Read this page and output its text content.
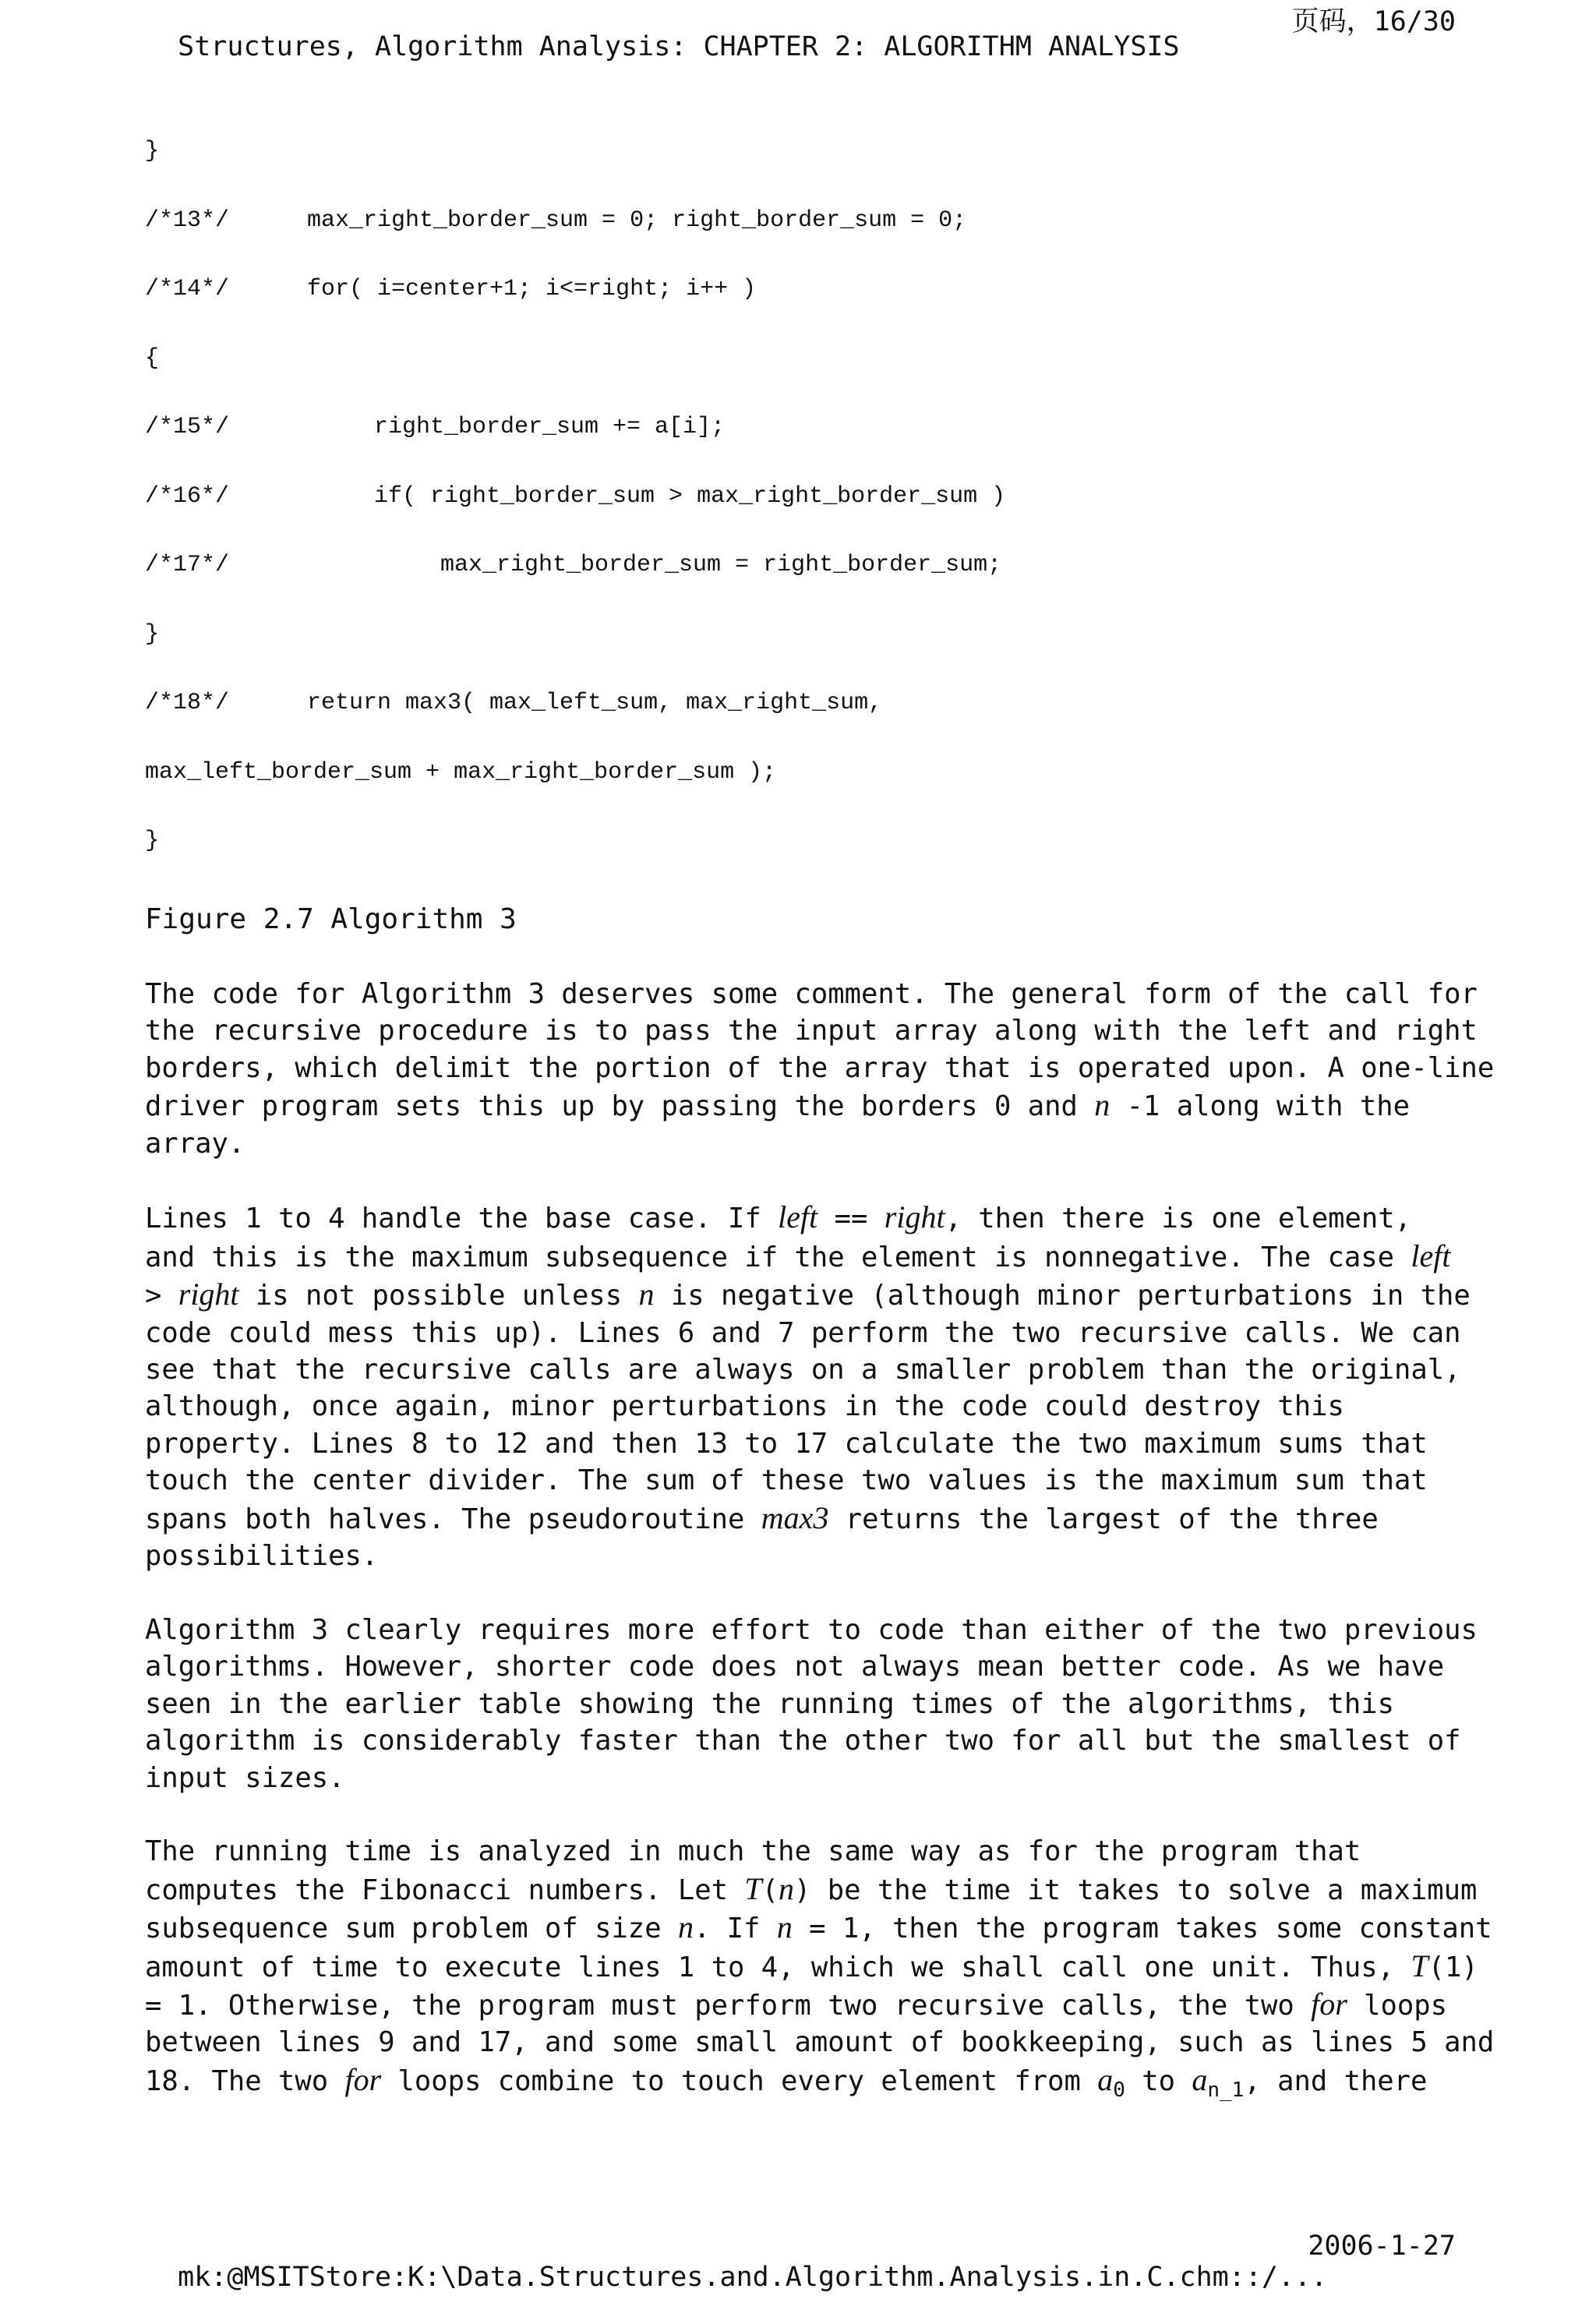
Structures, Algorithm Analysis: CHAPTER 2: ALGORITHM ANALYSIS

页码，16/30

}
/*13*/	max_right_border_sum = 0; right_border_sum = 0;
/*14*/	for( i=center+1; i<=right; i++ )
{
/*15*/	right_border_sum += a[i];
/*16*/	if( right_border_sum > max_right_border_sum )
/*17*/	max_right_border_sum = right_border_sum;
}
/*18*/	return max3( max_left_sum, max_right_sum,
max_left_border_sum + max_right_border_sum );
}
Figure 2.7 Algorithm 3
The code for Algorithm 3 deserves some comment. The general form of the call for
the recursive procedure is to pass the input array along with the left and right
borders, which delimit the portion of the array that is operated upon. A one-line
driver program sets this up by passing the borders 0 and n -1 along with the
array.
Lines 1 to 4 handle the base case. If left == right, then there is one element,
and this is the maximum subsequence if the element is nonnegative. The case left
> right is not possible unless n is negative (although minor perturbations in the
code could mess this up). Lines 6 and 7 perform the two recursive calls. We can
see that the recursive calls are always on a smaller problem than the original,
although, once again, minor perturbations in the code could destroy this
property. Lines 8 to 12 and then 13 to 17 calculate the two maximum sums that
touch the center divider. The sum of these two values is the maximum sum that
spans both halves. The pseudoroutine max3 returns the largest of the three
possibilities.
Algorithm 3 clearly requires more effort to code than either of the two previous
algorithms. However, shorter code does not always mean better code. As we have
seen in the earlier table showing the running times of the algorithms, this
algorithm is considerably faster than the other two for all but the smallest of
input sizes.
The running time is analyzed in much the same way as for the program that
computes the Fibonacci numbers. Let T(n) be the time it takes to solve a maximum
subsequence sum problem of size n. If n = 1, then the program takes some constant
amount of time to execute lines 1 to 4, which we shall call one unit. Thus, T(1)
= 1. Otherwise, the program must perform two recursive calls, the two for loops
between lines 9 and 17, and some small amount of bookkeeping, such as lines 5 and
18. The two for loops combine to touch every element from $a_0$ to $a_{n\_1}$, and there

mk:@MSITStore:K:\Data.Structures.and.Algorithm.Analysis.in.C.chm::/...

2006-1-27
